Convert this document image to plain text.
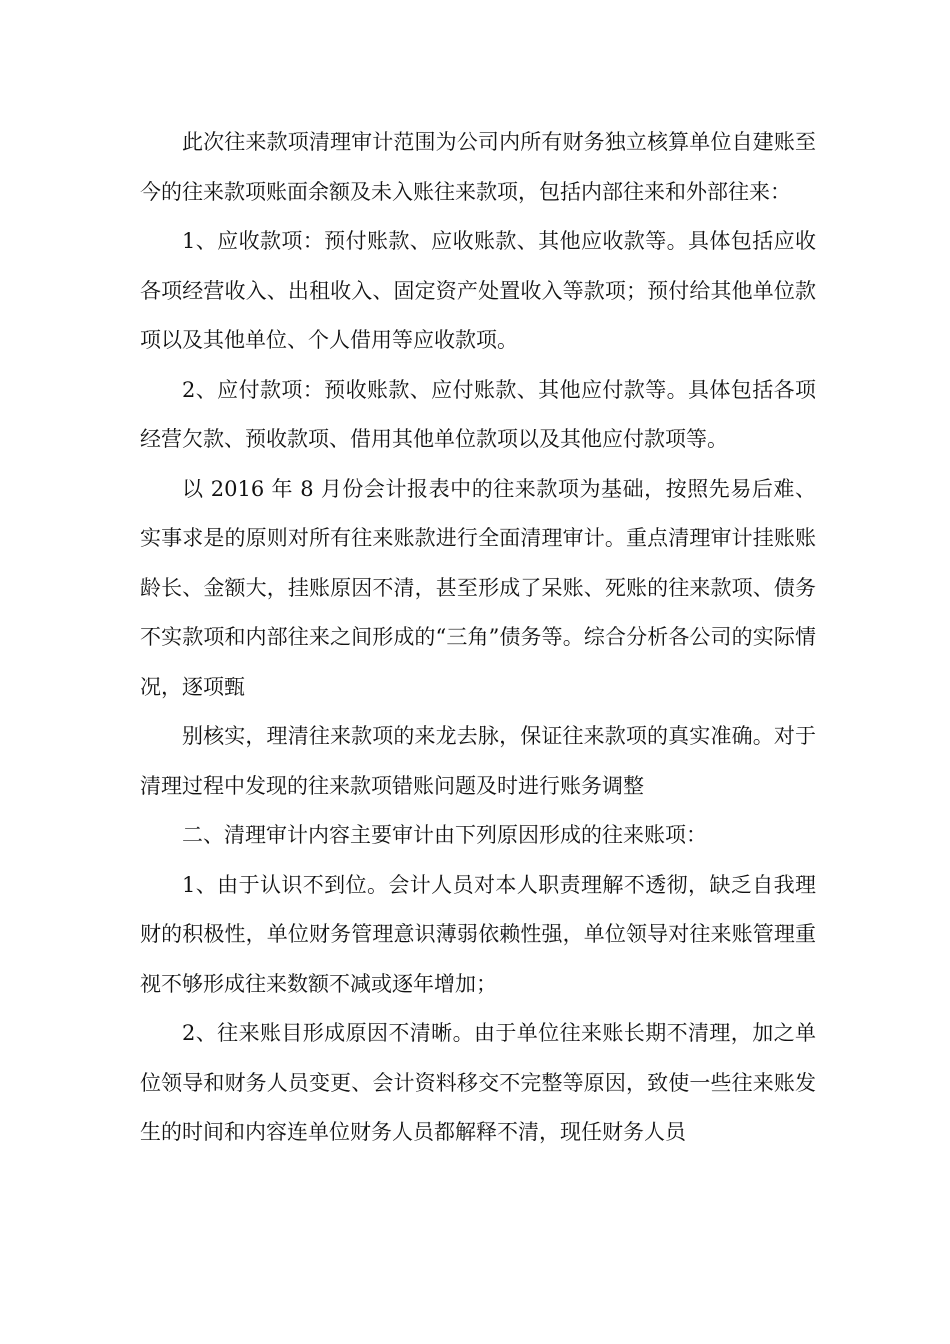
此次往来款项清理审计范围为公司内所有财务独立核算单位自建账至今的往来款项账面余额及未入账往来款项，包括内部往来和外部往来：

1、应收款项：预付账款、应收账款、其他应收款等。具体包括应收各项经营收入、出租收入、固定资产处置收入等款项；预付给其他单位款项以及其他单位、个人借用等应收款项。

2、应付款项：预收账款、应付账款、其他应付款等。具体包括各项经营欠款、预收款项、借用其他单位款项以及其他应付款项等。

以 2016 年 8 月份会计报表中的往来款项为基础，按照先易后难、实事求是的原则对所有往来账款进行全面清理审计。重点清理审计挂账账龄长、金额大，挂账原因不清，甚至形成了呆账、死账的往来款项、债务不实款项和内部往来之间形成的“三角”债务等。综合分析各公司的实际情况，逐项甄

别核实，理清往来款项的来龙去脉，保证往来款项的真实准确。对于清理过程中发现的往来款项错账问题及时进行账务调整

二、清理审计内容主要审计由下列原因形成的往来账项：

1、由于认识不到位。会计人员对本人职责理解不透彻，缺乏自我理财的积极性，单位财务管理意识薄弱依赖性强，单位领导对往来账管理重视不够形成往来数额不减或逐年增加；

2、往来账目形成原因不清晰。由于单位往来账长期不清理，加之单位领导和财务人员变更、会计资料移交不完整等原因，致使一些往来账发生的时间和内容连单位财务人员都解释不清，现任财务人员
